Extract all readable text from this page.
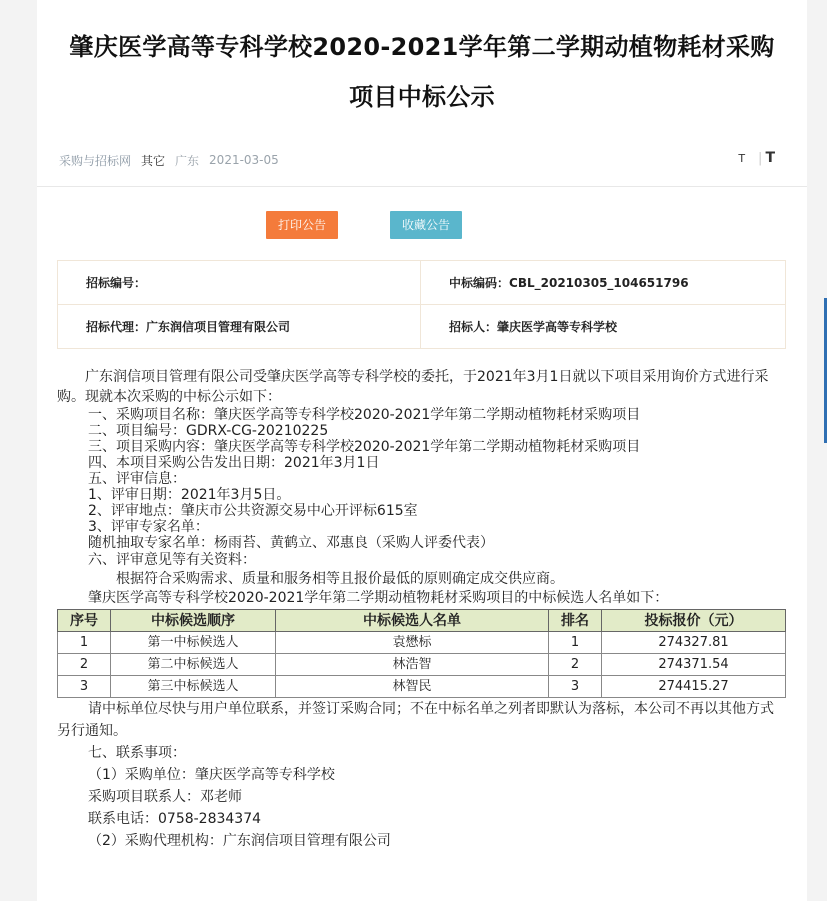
肇庆医学高等专科学校2020-2021学年第二学期动植物耗材采购
项目中标公示
采购与招标网 其它 广东 2021-03-05	T | T
打印公告	收藏公告
招标编号：	中标编码：CBL_20210305_104651796
招标代理：广东润信项目管理有限公司	招标人：肇庆医学高等专科学校

广东润信项目管理有限公司受肇庆医学高等专科学校的委托，于2021年3月1日就以下项目采用询价方式进行采购。现就本次采购的中标公示如下：

一、采购项目名称：肇庆医学高等专科学校2020-2021学年第二学期动植物耗材采购项目

二、项目编号：GDRX-CG-20210225

三、项目采购内容：肇庆医学高等专科学校2020-2021学年第二学期动植物耗材采购项目

四、本项目采购公告发出日期：2021年3月1日

五、评审信息：

1、评审日期：2021年3月5日。

2、评审地点：肇庆市公共资源交易中心开评标615室

3、评审专家名单：

随机抽取专家名单：杨雨苔、黄鹤立、邓惠良（采购人评委代表）

六、评审意见等有关资料：

根据符合采购需求、质量和服务相等且报价最低的原则确定成交供应商。

肇庆医学高等专科学校2020-2021学年第二学期动植物耗材采购项目的中标候选人名单如下：

序号	中标候选顺序	中标候选人名单	排名	投标报价（元）
1	第一中标候选人	袁懋标	1	274327.81
2	第二中标候选人	林浩智	2	274371.54
3	第三中标候选人	林智民	3	274415.27

请中标单位尽快与用户单位联系，并签订采购合同；不在中标名单之列者即默认为落标，本公司不再以其他方式另行通知。

七、联系事项：

（1）采购单位：肇庆医学高等专科学校

采购项目联系人：邓老师

联系电话：0758-2834374

（2）采购代理机构：广东润信项目管理有限公司
